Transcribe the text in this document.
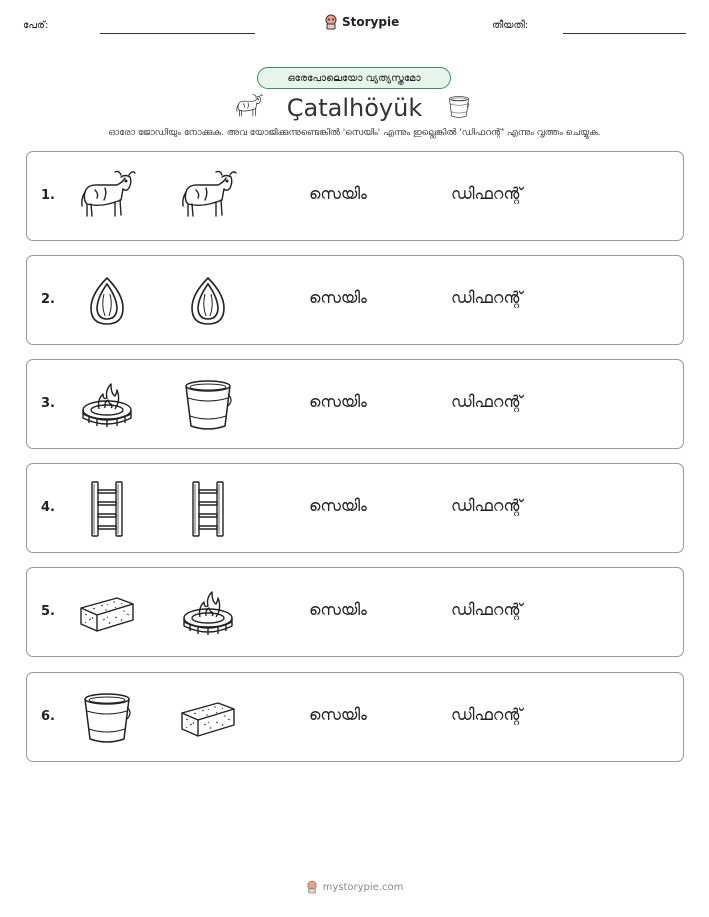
പേര്:	Storypie	തീയതി:
ഒരേപോലെയോ വ്യത്യസ്തമോ
Çatalhöyük
ഓരോ ജോഡിയും നോക്കുക. അവ യോജിക്കുന്നുണ്ടെങ്കിൽ 'സെയിം' എന്നും ഇല്ലെങ്കിൽ 'ഡിഫറന്റ്' എന്നും വൃത്തം ചെയ്യുക.
1.	സെയിം	ഡിഫറന്റ്
2.	സെയിം	ഡിഫറന്റ്
3.	സെയിം	ഡിഫറന്റ്
4.	സെയിം	ഡിഫറന്റ്
5.	സെയിം	ഡിഫറന്റ്
6.	സെയിം	ഡിഫറന്റ്
mystorypie.com
